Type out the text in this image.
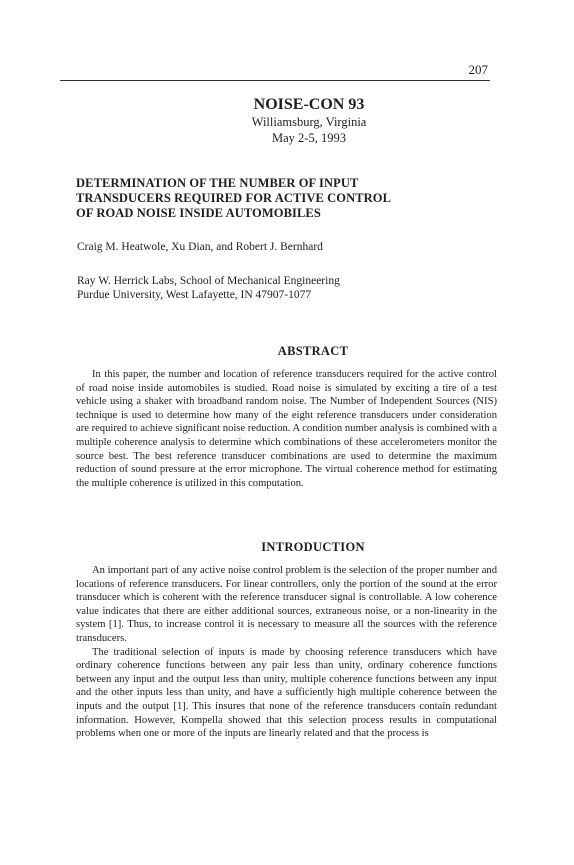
207
NOISE-CON 93
Williamsburg, Virginia
May 2-5, 1993
DETERMINATION OF THE NUMBER OF INPUT
TRANSDUCERS REQUIRED FOR ACTIVE CONTROL
OF ROAD NOISE INSIDE AUTOMOBILES
Craig M. Heatwole, Xu Dian, and Robert J. Bernhard
Ray W. Herrick Labs, School of Mechanical Engineering
Purdue University, West Lafayette, IN 47907-1077
ABSTRACT

In this paper, the number and location of reference transducers required for the active control of road noise inside automobiles is studied. Road noise is simulated by exciting a tire of a test vehicle using a shaker with broadband random noise. The Number of Independent Sources (NIS) technique is used to determine how many of the eight reference transducers under consideration are required to achieve significant noise reduction. A condition number analysis is combined with a multiple coherence analysis to determine which combinations of these accelerometers monitor the source best. The best reference transducer combinations are used to determine the maximum reduction of sound pressure at the error microphone. The virtual coherence method for estimating the multiple coherence is utilized in this computation.

INTRODUCTION

An important part of any active noise control problem is the selection of the proper number and locations of reference transducers. For linear controllers, only the portion of the sound at the error transducer which is coherent with the reference transducer signal is controllable. A low coherence value indicates that there are either additional sources, extraneous noise, or a non-linearity in the system [1]. Thus, to increase control it is necessary to measure all the sources with the reference transducers.

The traditional selection of inputs is made by choosing reference transducers which have ordinary coherence functions between any pair less than unity, ordinary coherence functions between any input and the output less than unity, multiple coherence functions between any input and the other inputs less than unity, and have a sufficiently high multiple coherence between the inputs and the output [1]. This insures that none of the reference transducers contain redundant information. However, Kompella showed that this selection process results in computational problems when one or more of the inputs are linearly related and that the process is
